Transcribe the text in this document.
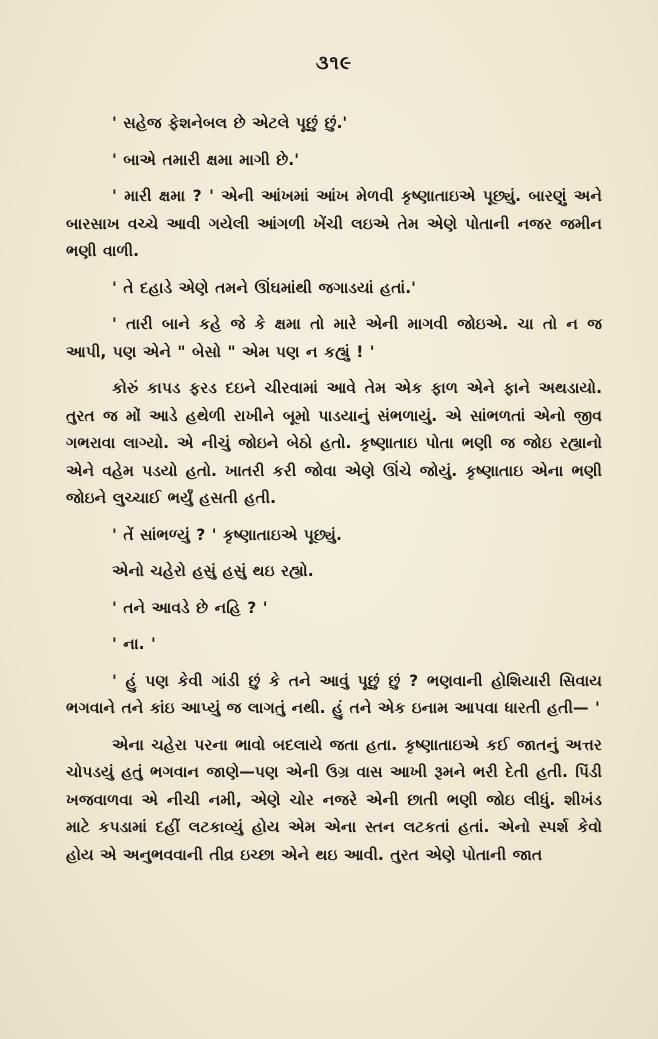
૩૧૯

' સહેજ ફેશનેબલ છે એટલે પૂછું છું.'

' બાએ તમારી ક્ષમા માગી છે.'

' મારી ક્ષમા ? ' એની આંખમાં આંખ મેળવી કૃષ્ણાતાઇએ પૂછ્યું. બારણું અને બારસાખ વચ્ચે આવી ગયેલી આંગળી ખેંચી લઇએ તેમ એણે પોતાની નજર જમીન ભણી વાળી.

' તે દહાડે એણે તમને ઊંઘમાંથી જગાડયાં હતાં.'

' તારી બાને કહે જે કે ક્ષમા તો મારે એની માગવી જોઇએ. ચા તો ન જ આપી, પણ એને " બેસો " એમ પણ ન કહ્યું ! '

કોરું કાપડ ફરડ દઇને ચીરવામાં આવે તેમ એક ફાળ એને ફાને અથડાયો. તુરત જ મોં આડે હથેળી રાખીને બૂમો પાડયાનું સંભળાયું. એ સાંભળતાં એનો જીવ ગભરાવા લાગ્યો. એ નીચું જોઇને બેઠો હતો. કૃષ્ણાતાઇ પોતા ભણી જ જોઇ રહ્યાનો એને વહેમ પડયો હતો. ખાતરી કરી જોવા એણે ઊંચે જોયું. કૃષ્ણાતાઇ એના ભણી જોઇને લુચ્ચાઈ ભર્યું હસતી હતી.

' તેં સાંભળ્યું ? ' કૃષ્ણાતાઇએ પૂછ્યું.

એનો ચહેરો હસું હસું થઇ રહ્યો.

' તને આવડે છે નહિ ? '

' ના. '

' હું પણ કેવી ગાંડી છું કે તને આવું પૂછું છું ? ભણવાની હોશિયારી સિવાય ભગવાને તને કાંઇ આપ્યું જ લાગતું નથી. હું તને એક ઇનામ આપવા ધારતી હતી— '

એના ચહેરા પરના ભાવો બદલાયે જતા હતા. કૃષ્ણાતાઇએ કઈ જાતનું અત્તર ચોપડયું હતું ભગવાન જાણે—પણ એની ઉગ્ર વાસ આખી રૂમને ભરી દેતી હતી. પિંડી ખજવાળવા એ નીચી નમી, એણે ચોર નજરે એની છાતી ભણી જોઇ લીધું. શીખંડ માટે કપડામાં દહીં લટકાવ્યું હોય એમ એના સ્તન લટકતાં હતાં. એનો સ્પર્શ કેવો હોય એ અનુભવવાની તીવ્ર ઇચ્છા એને થઇ આવી. તુરત એણે પોતાની જાત
